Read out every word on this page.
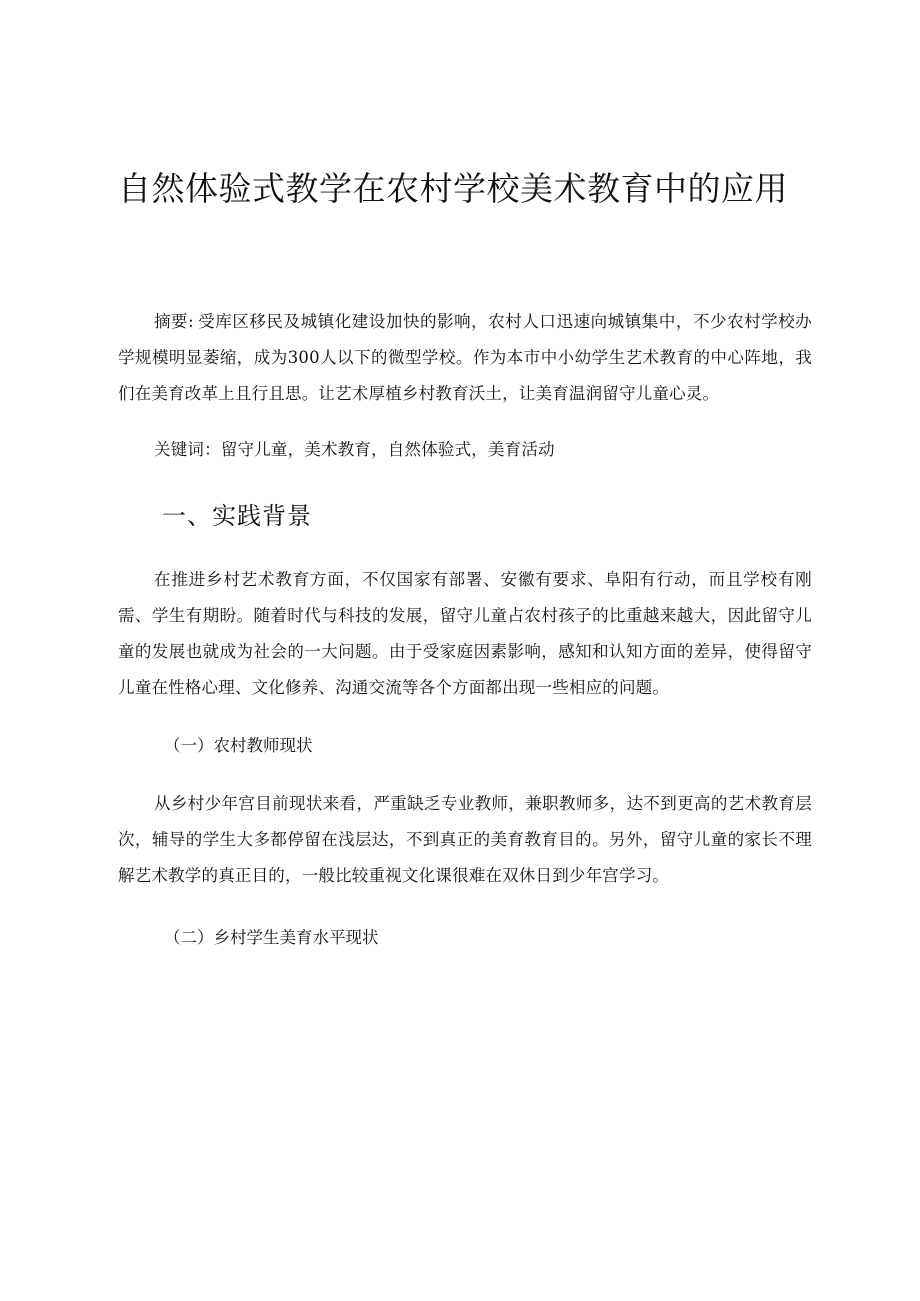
自然体验式教学在农村学校美术教育中的应用

摘要: 受库区移民及城镇化建设加快的影响，农村人口迅速向城镇集中，不少农村学校办学规模明显萎缩，成为300人以下的微型学校。作为本市中小幼学生艺术教育的中心阵地，我们在美育改革上且行且思。让艺术厚植乡村教育沃土，让美育温润留守儿童心灵。

关键词：留守儿童，美术教育，自然体验式，美育活动

一、实践背景

在推进乡村艺术教育方面，不仅国家有部署、安徽有要求、阜阳有行动，而且学校有刚需、学生有期盼。随着时代与科技的发展，留守儿童占农村孩子的比重越来越大，因此留守儿童的发展也就成为社会的一大问题。由于受家庭因素影响，感知和认知方面的差异，使得留守儿童在性格心理、文化修养、沟通交流等各个方面都出现一些相应的问题。

（一）农村教师现状

从乡村少年宫目前现状来看，严重缺乏专业教师，兼职教师多，达不到更高的艺术教育层次，辅导的学生大多都停留在浅层达，不到真正的美育教育目的。另外，留守儿童的家长不理解艺术教学的真正目的，一般比较重视文化课很难在双休日到少年宫学习。

（二）乡村学生美育水平现状
